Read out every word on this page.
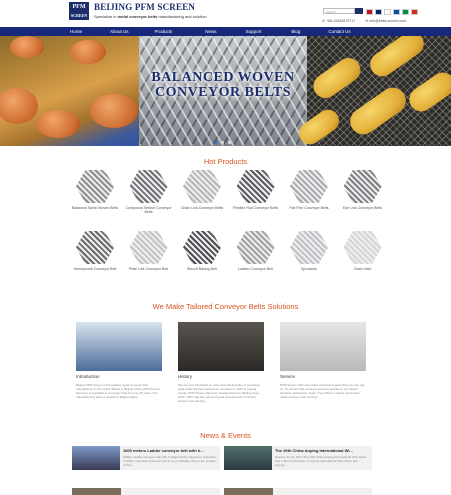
PFM
SCREEN
BEIJING PFM SCREEN
Specialize in metal conveyor belts manufacturing and solution
Search
✆ +86-15369879717	✉ info@belts-screen.com
Home	About Us	Products	News	Support	Blog	Contact Us
BALANCED WOVEN
CONVEYOR BELTS
Hot Products
Balanced Spiral Woven Belts	Compound Weave Conveyor Belts
Chain Link Conveyor Belts	Flexible Rod Conveyor Belts	Flat Flex Conveyor Belts	Eye Link Conveyor Belts
Honeycomb Conveyor Belt	Plate Link Conveyor Belt	Biscuit Baking Belt	Ladder Conveyor Belt	Sprockets	Chain links
We Make Tailored Conveyor Belts Solutions
Introduction
Beijing PFM Screen is the leading metal conveyor belt manufacturer in the world. Based in Beijing China, PFM Screen has been a specialist in conveyor belts for over 20 years. Our manufacturing plant is located in Beijing Hebei.
History
We are very fond back on more than 20 decades of seamless steel chain link belt experience. Founded in 1997 in Anping county, PFM Screen has been headquartered in Beijing since 2012. 1997 was the period of great development in China's electric and catering.
Service
PFM Screen offers first class technical support that you can rely on. To ensure that conveyor systems operate to our clients' absolute satisfaction, Team (Yes) offers a variety of premium metal conveyor belt services.
News & Events
1000 meters Ladder conveyor belt with Ir...
1000m Ladder conveyor belt with Ir shaped links shipped to Colombia In 2020, Colombia customers found us on Alibaba, thus to the problem of this...
The 20th China Anping International Wi...
October 22-24, 2020 The 20th China Anping International Wire Mesh Fair I. Brief introduction of Anping International Wire Mesh Fair Anping...
